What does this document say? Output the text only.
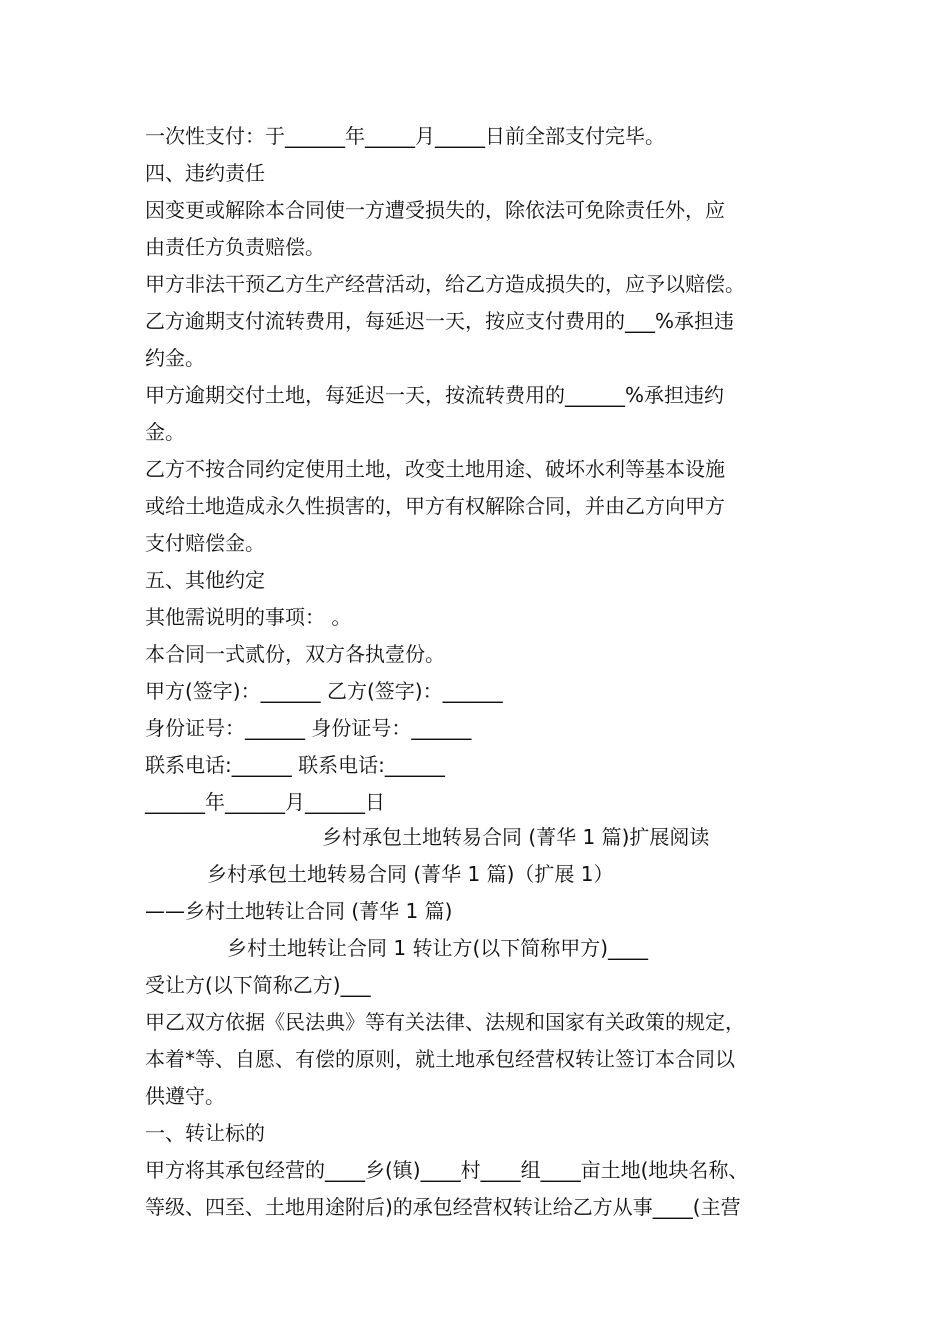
一次性支付：于______年_____月_____日前全部支付完毕。
四、违约责任
因变更或解除本合同使一方遭受损失的，除依法可免除责任外，应
由责任方负责赔偿。
甲方非法干预乙方生产经营活动，给乙方造成损失的，应予以赔偿。
乙方逾期支付流转费用，每延迟一天，按应支付费用的___%承担违
约金。
甲方逾期交付土地，每延迟一天，按流转费用的______%承担违约
金。
乙方不按合同约定使用土地，改变土地用途、破坏水利等基本设施
或给土地造成永久性损害的，甲方有权解除合同，并由乙方向甲方
支付赔偿金。
五、其他约定
其他需说明的事项： 。
本合同一式贰份，双方各执壹份。
甲方(签字)：______ 乙方(签字)：______
身份证号：______ 身份证号：______
联系电话:______ 联系电话:______
______年______月______日
乡村承包土地转易合同 (菁华 1 篇)扩展阅读
乡村承包土地转易合同 (菁华 1 篇)（扩展 1）
——乡村土地转让合同 (菁华 1 篇)
乡村土地转让合同 1 转让方(以下简称甲方)____
受让方(以下简称乙方)___
甲乙双方依据《民法典》等有关法律、法规和国家有关政策的规定，
本着*等、自愿、有偿的原则，就土地承包经营权转让签订本合同以
供遵守。
一、转让标的
甲方将其承包经营的____乡(镇)____村____组____亩土地(地块名称、
等级、四至、土地用途附后)的承包经营权转让给乙方从事____(主营
